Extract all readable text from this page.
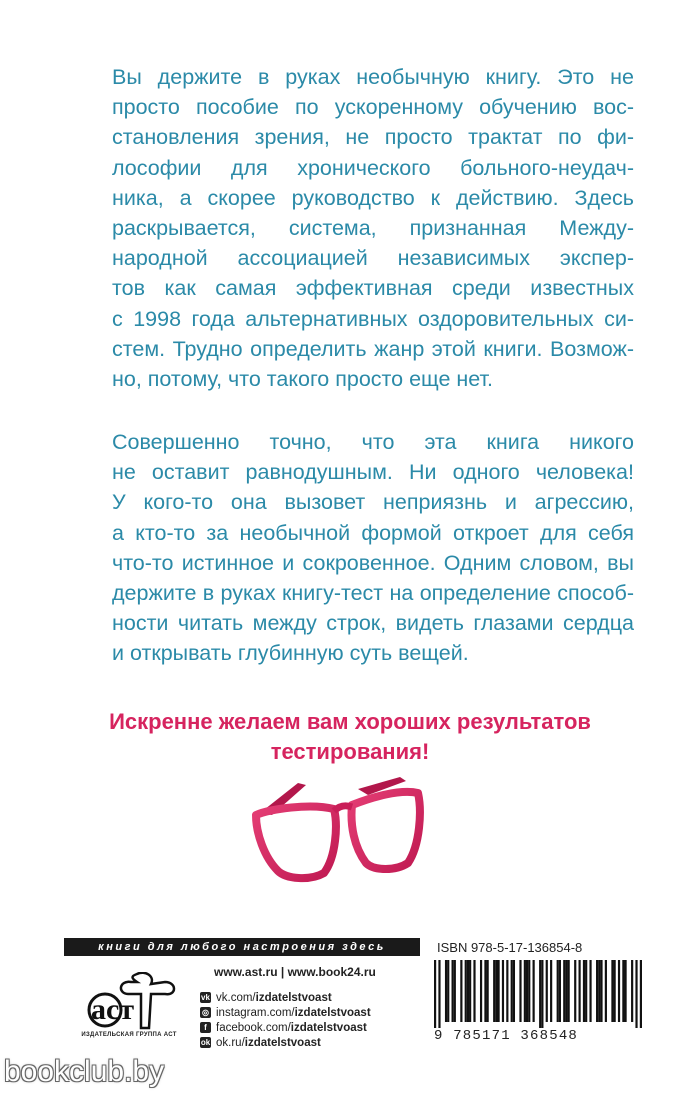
Вы держите в руках необычную книгу. Это не
просто пособие по ускоренному обучению вос-
становления зрения, не просто трактат по фи-
лософии для хронического больного-неудач-
ника, а скорее руководство к действию. Здесь
раскрывается, система, признанная Между-
народной ассоциацией независимых экспер-
тов как самая эффективная среди известных
с 1998 года альтернативных оздоровительных си-
стем. Трудно определить жанр этой книги. Возмож-
но, потому, что такого просто еще нет.
Совершенно точно, что эта книга никого
не оставит равнодушным. Ни одного человека!
У кого-то она вызовет неприязнь и агрессию,
а кто-то за необычной формой откроет для себя
что-то истинное и сокровенное. Одним словом, вы
держите в руках книгу-тест на определение способ-
ности читать между строк, видеть глазами сердца
и открывать глубинную суть вещей.
Искренне желаем вам хороших результатов
тестирования!
книги для любого настроения здесь
аст
ИЗДАТЕЛЬСКАЯ ГРУППА АСТ
www.ast.ru | www.book24.ru
vk vk.com/ izdatelstvoast
◎ instagram.com/ izdatelstvoast
f facebook.com/ izdatelstvoast
ok ok.ru/ izdatelstvoast
ISBN 978-5-17-136854-8
9 785171 368548
bookclub.by
